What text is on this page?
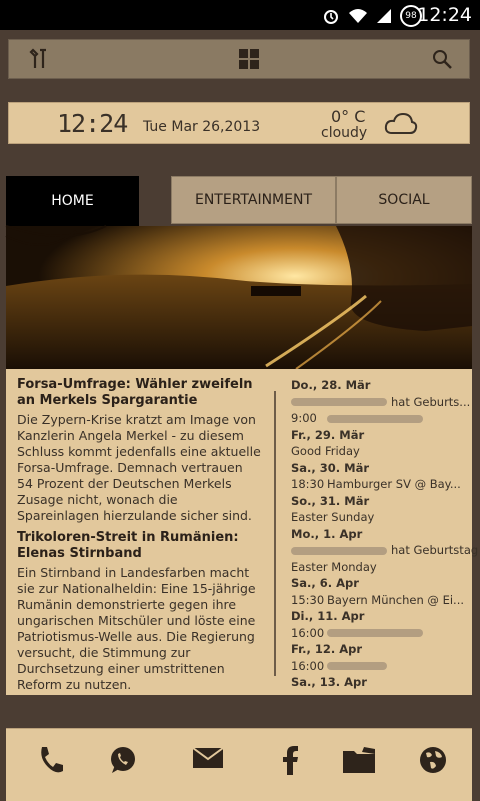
98 12:24
12:24 Tue Mar 26,2013
0° C
cloudy
HOME	ENTERTAINMENT	SOCIAL
Forsa-Umfrage: Wähler zweifeln an Merkels Spargarantie

Die Zypern-Krise kratzt am Image von Kanzlerin Angela Merkel - zu diesem Schluss kommt jedenfalls eine aktuelle Forsa-Umfrage. Demnach vertrauen 54 Prozent der Deutschen Merkels Zusage nicht, wonach die Spareinlagen hierzulande sicher sind.

Trikoloren-Streit in Rumänien: Elenas Stirnband

Ein Stirnband in Landesfarben macht sie zur Nationalheldin: Eine 15-jährige Rumänin demonstrierte gegen ihre ungarischen Mitschüler und löste eine Patriotismus-Welle aus. Die Regierung versucht, die Stimmung zur Durchsetzung einer umstrittenen Reform zu nutzen.

Do., 28. Mär
hat Geburts...
9:00
Fr., 29. Mär
Good Friday
Sa., 30. Mär
18:30 Hamburger SV @ Bay...
So., 31. Mär
Easter Sunday
Mo., 1. Apr
hat Geburtstag
Easter Monday
Sa., 6. Apr
15:30 Bayern München @ Ei...
Di., 11. Apr
16:00
Fr., 12. Apr
16:00
Sa., 13. Apr
